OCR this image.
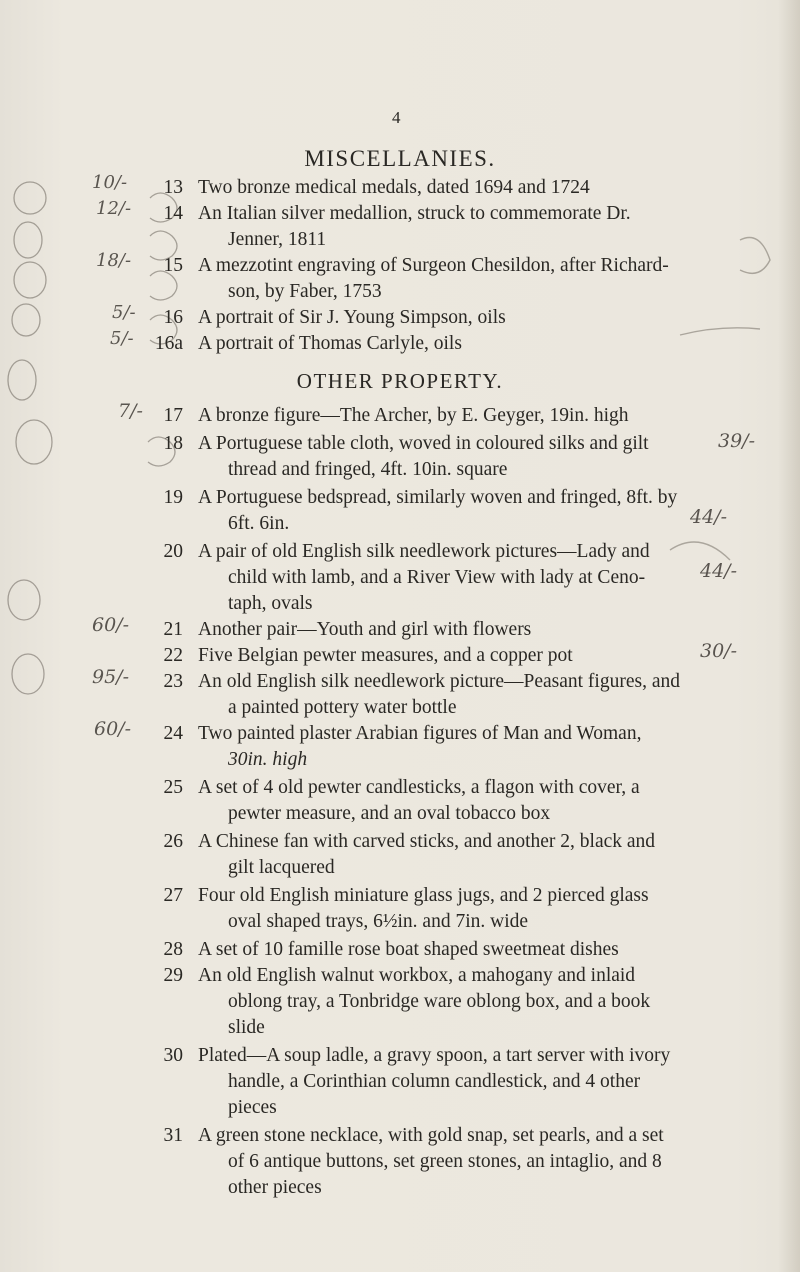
4
MISCELLANIES.
13 Two bronze medical medals, dated 1694 and 1724
14 An Italian silver medallion, struck to commemorate Dr.
Jenner, 1811
15 A mezzotint engraving of Surgeon Chesildon, after Richard-
son, by Faber, 1753
16 A portrait of Sir J. Young Simpson, oils
16a A portrait of Thomas Carlyle, oils
OTHER PROPERTY.
17 A bronze figure—The Archer, by E. Geyger, 19in. high
18 A Portuguese table cloth, woved in coloured silks and gilt
thread and fringed, 4ft. 10in. square
19 A Portuguese bedspread, similarly woven and fringed, 8ft. by
6ft. 6in.
20 A pair of old English silk needlework pictures—Lady and
child with lamb, and a River View with lady at Ceno-
taph, ovals
21 Another pair—Youth and girl with flowers
22 Five Belgian pewter measures, and a copper pot
23 An old English silk needlework picture—Peasant figures, and
a painted pottery water bottle
24 Two painted plaster Arabian figures of Man and Woman,
30in. high
25 A set of 4 old pewter candlesticks, a flagon with cover, a
pewter measure, and an oval tobacco box
26 A Chinese fan with carved sticks, and another 2, black and
gilt lacquered
27 Four old English miniature glass jugs, and 2 pierced glass
oval shaped trays, 6½in. and 7in. wide
28 A set of 10 famille rose boat shaped sweetmeat dishes
29 An old English walnut workbox, a mahogany and inlaid
oblong tray, a Tonbridge ware oblong box, and a book
slide
30 Plated—A soup ladle, a gravy spoon, a tart server with ivory
handle, a Corinthian column candlestick, and 4 other
pieces
31 A green stone necklace, with gold snap, set pearls, and a set
of 6 antique buttons, set green stones, an intaglio, and 8
other pieces
10/-
12/-
18/-
5/-
5/-
7/-
39/-
44/-
44/-
60/-
95/-
60/-
30/-
